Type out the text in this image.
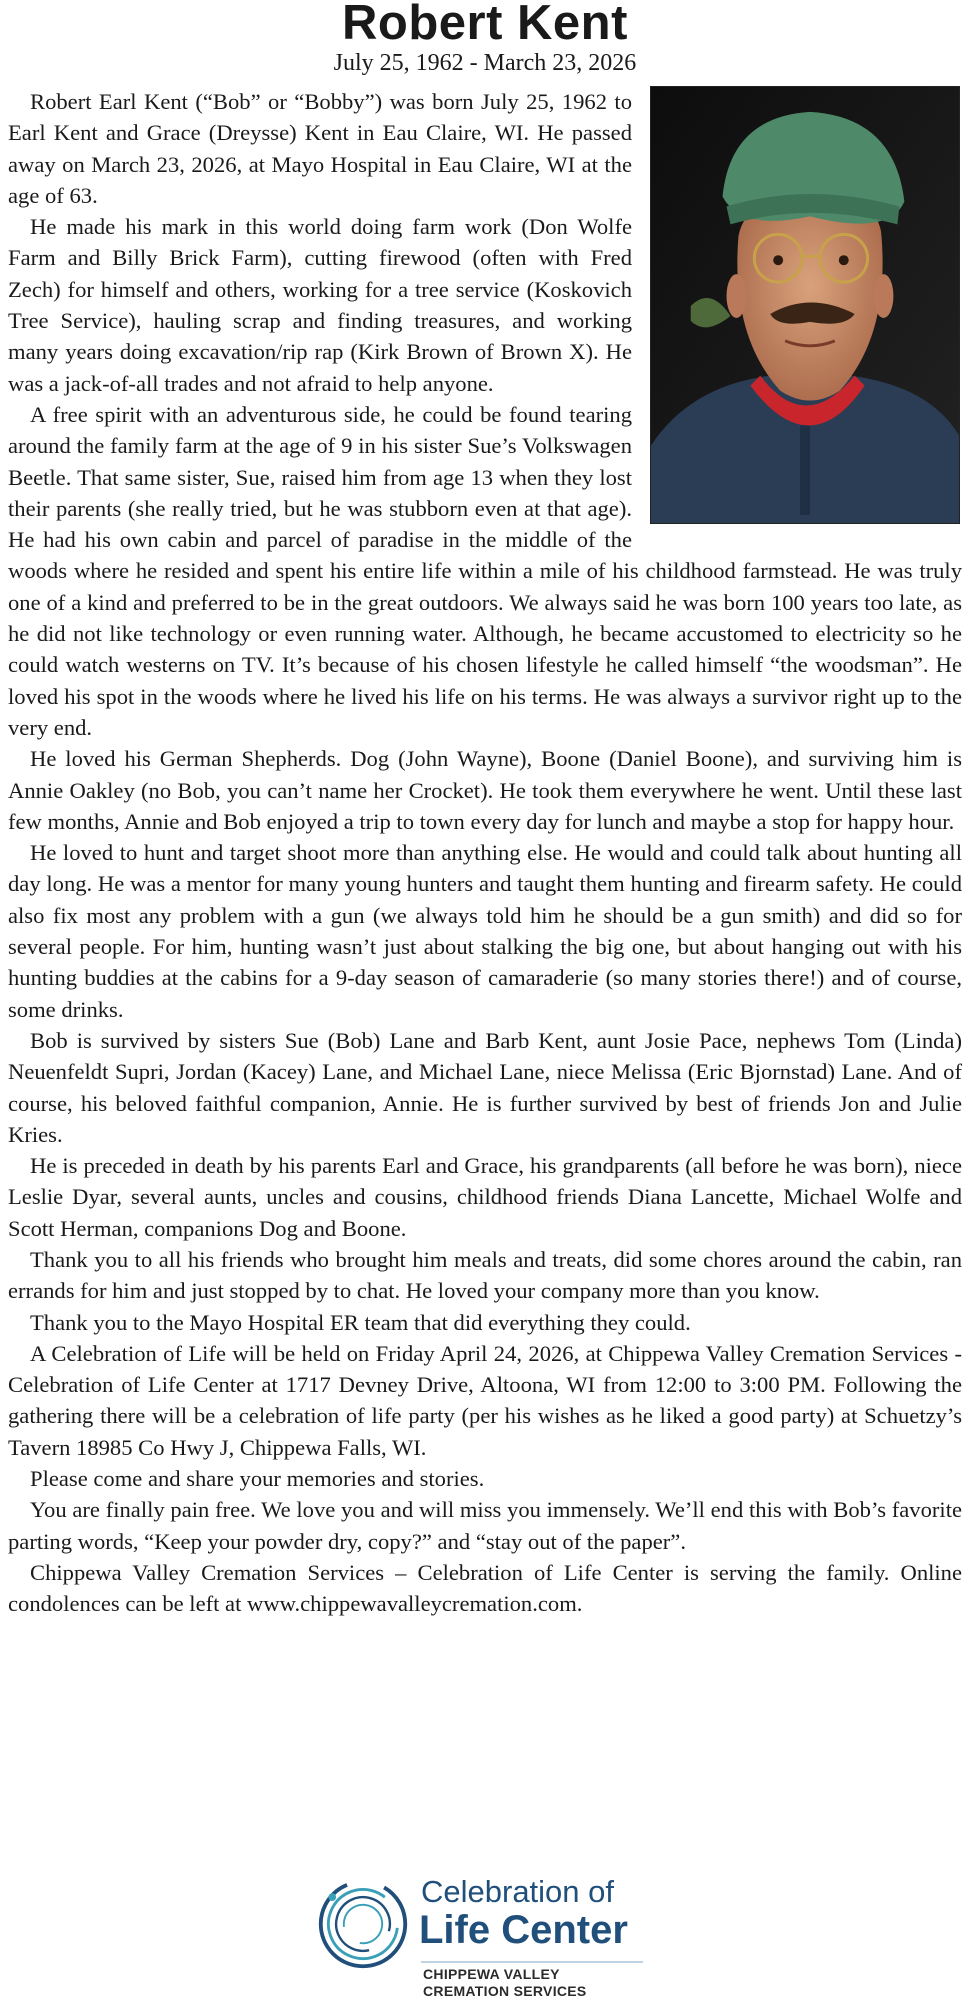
Robert Kent
July 25, 1962 - March 23, 2026

Robert Earl Kent (“Bob” or “Bobby”) was born July 25, 1962 to Earl Kent and Grace (Dreysse) Kent in Eau Claire, WI. He passed away on March 23, 2026, at Mayo Hospital in Eau Claire, WI at the age of 63.

He made his mark in this world doing farm work (Don Wolfe Farm and Billy Brick Farm), cutting firewood (often with Fred Zech) for himself and others, working for a tree service (Koskovich Tree Service), hauling scrap and finding treasures, and working many years doing excavation/rip rap (Kirk Brown of Brown X). He was a jack-of-all trades and not afraid to help anyone.

A free spirit with an adventurous side, he could be found tearing around the family farm at the age of 9 in his sister Sue’s Volkswagen Beetle. That same sister, Sue, raised him from age 13 when they lost their parents (she really tried, but he was stubborn even at that age). He had his own cabin and parcel of paradise in the middle of the woods where he resided and spent his entire life within a mile of his childhood farmstead. He was truly one of a kind and preferred to be in the great outdoors. We always said he was born 100 years too late, as he did not like technology or even running water. Although, he became accustomed to electricity so he could watch westerns on TV. It’s because of his chosen lifestyle he called himself “the woodsman”. He loved his spot in the woods where he lived his life on his terms. He was always a survivor right up to the very end.

He loved his German Shepherds. Dog (John Wayne), Boone (Daniel Boone), and surviving him is Annie Oakley (no Bob, you can’t name her Crocket). He took them everywhere he went. Until these last few months, Annie and Bob enjoyed a trip to town every day for lunch and maybe a stop for happy hour.

He loved to hunt and target shoot more than anything else. He would and could talk about hunting all day long. He was a mentor for many young hunters and taught them hunting and firearm safety. He could also fix most any problem with a gun (we always told him he should be a gun smith) and did so for several people. For him, hunting wasn’t just about stalking the big one, but about hanging out with his hunting buddies at the cabins for a 9-day season of camaraderie (so many stories there!) and of course, some drinks.

Bob is survived by sisters Sue (Bob) Lane and Barb Kent, aunt Josie Pace, nephews Tom (Linda) Neuenfeldt Supri, Jordan (Kacey) Lane, and Michael Lane, niece Melissa (Eric Bjornstad) Lane. And of course, his beloved faithful companion, Annie. He is further survived by best of friends Jon and Julie Kries.

He is preceded in death by his parents Earl and Grace, his grandparents (all before he was born), niece Leslie Dyar, several aunts, uncles and cousins, childhood friends Diana Lancette, Michael Wolfe and Scott Herman, companions Dog and Boone.

Thank you to all his friends who brought him meals and treats, did some chores around the cabin, ran errands for him and just stopped by to chat. He loved your company more than you know.

Thank you to the Mayo Hospital ER team that did everything they could.

A Celebration of Life will be held on Friday April 24, 2026, at Chippewa Valley Cremation Services - Celebration of Life Center at 1717 Devney Drive, Altoona, WI from 12:00 to 3:00 PM. Following the gathering there will be a celebration of life party (per his wishes as he liked a good party) at Schuetzy’s Tavern 18985 Co Hwy J, Chippewa Falls, WI.

Please come and share your memories and stories.

You are finally pain free. We love you and will miss you immensely. We’ll end this with Bob’s favorite parting words, “Keep your powder dry, copy?” and “stay out of the paper”.

Chippewa Valley Cremation Services – Celebration of Life Center is serving the family. Online condolences can be left at www.chippewavalleycremation.com.

Celebration of
Life Center
CHIPPEWA VALLEY
CREMATION SERVICES
